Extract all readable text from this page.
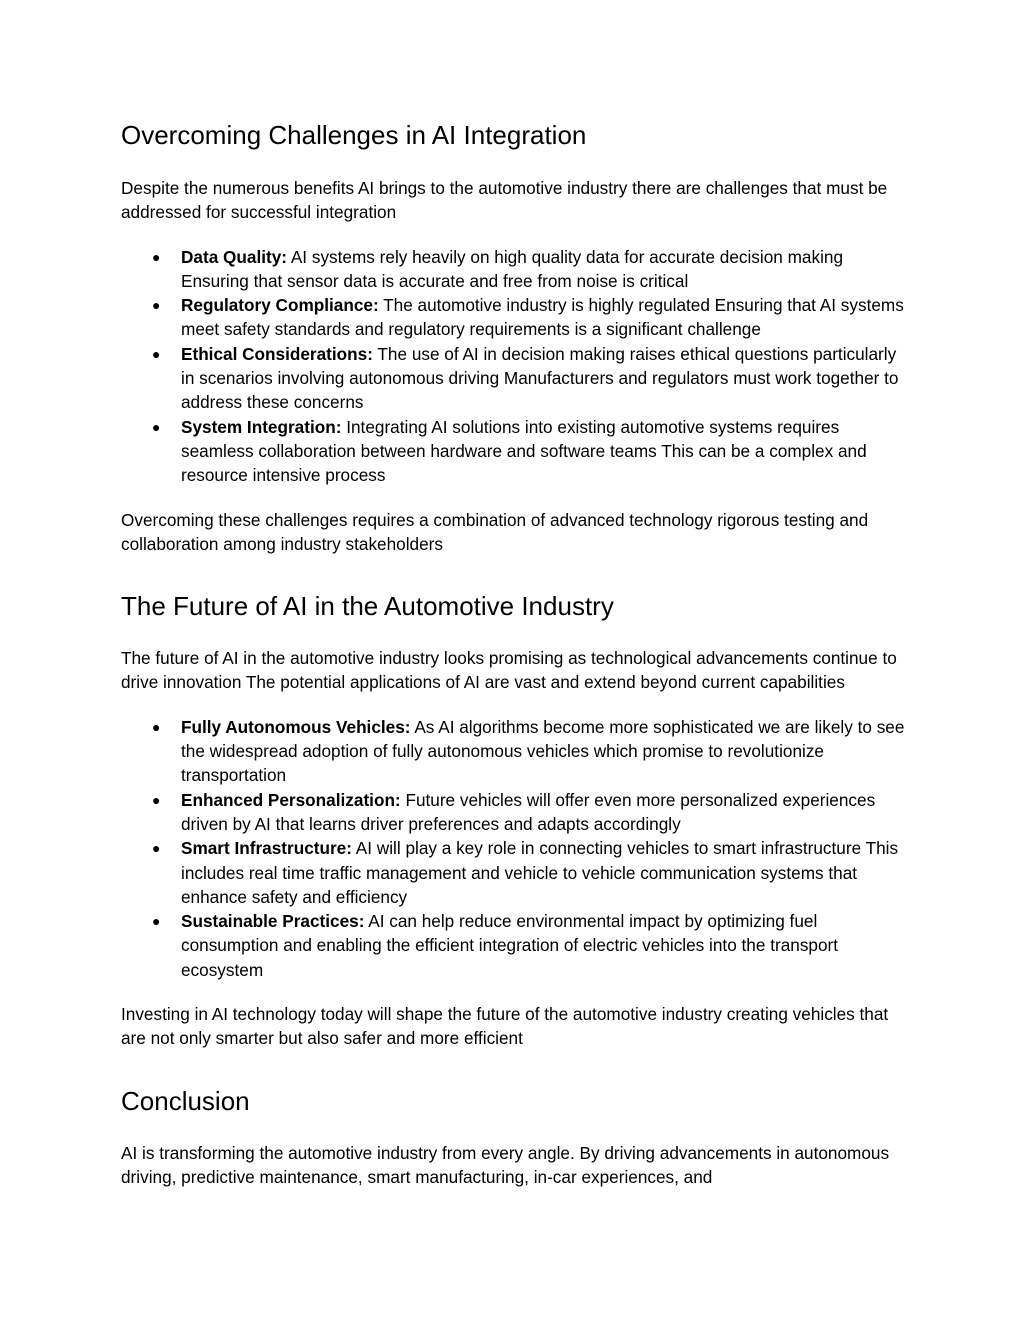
Overcoming Challenges in AI Integration

Despite the numerous benefits AI brings to the automotive industry there are challenges that must be addressed for successful integration

● Data Quality: AI systems rely heavily on high quality data for accurate decision making Ensuring that sensor data is accurate and free from noise is critical
● Regulatory Compliance: The automotive industry is highly regulated Ensuring that AI systems meet safety standards and regulatory requirements is a significant challenge
● Ethical Considerations: The use of AI in decision making raises ethical questions particularly in scenarios involving autonomous driving Manufacturers and regulators must work together to address these concerns
● System Integration: Integrating AI solutions into existing automotive systems requires seamless collaboration between hardware and software teams This can be a complex and resource intensive process

Overcoming these challenges requires a combination of advanced technology rigorous testing and collaboration among industry stakeholders

The Future of AI in the Automotive Industry

The future of AI in the automotive industry looks promising as technological advancements continue to drive innovation The potential applications of AI are vast and extend beyond current capabilities

● Fully Autonomous Vehicles: As AI algorithms become more sophisticated we are likely to see the widespread adoption of fully autonomous vehicles which promise to revolutionize transportation
● Enhanced Personalization: Future vehicles will offer even more personalized experiences driven by AI that learns driver preferences and adapts accordingly
● Smart Infrastructure: AI will play a key role in connecting vehicles to smart infrastructure This includes real time traffic management and vehicle to vehicle communication systems that enhance safety and efficiency
● Sustainable Practices: AI can help reduce environmental impact by optimizing fuel consumption and enabling the efficient integration of electric vehicles into the transport ecosystem

Investing in AI technology today will shape the future of the automotive industry creating vehicles that are not only smarter but also safer and more efficient

Conclusion

AI is transforming the automotive industry from every angle. By driving advancements in autonomous driving, predictive maintenance, smart manufacturing, in-car experiences, and
